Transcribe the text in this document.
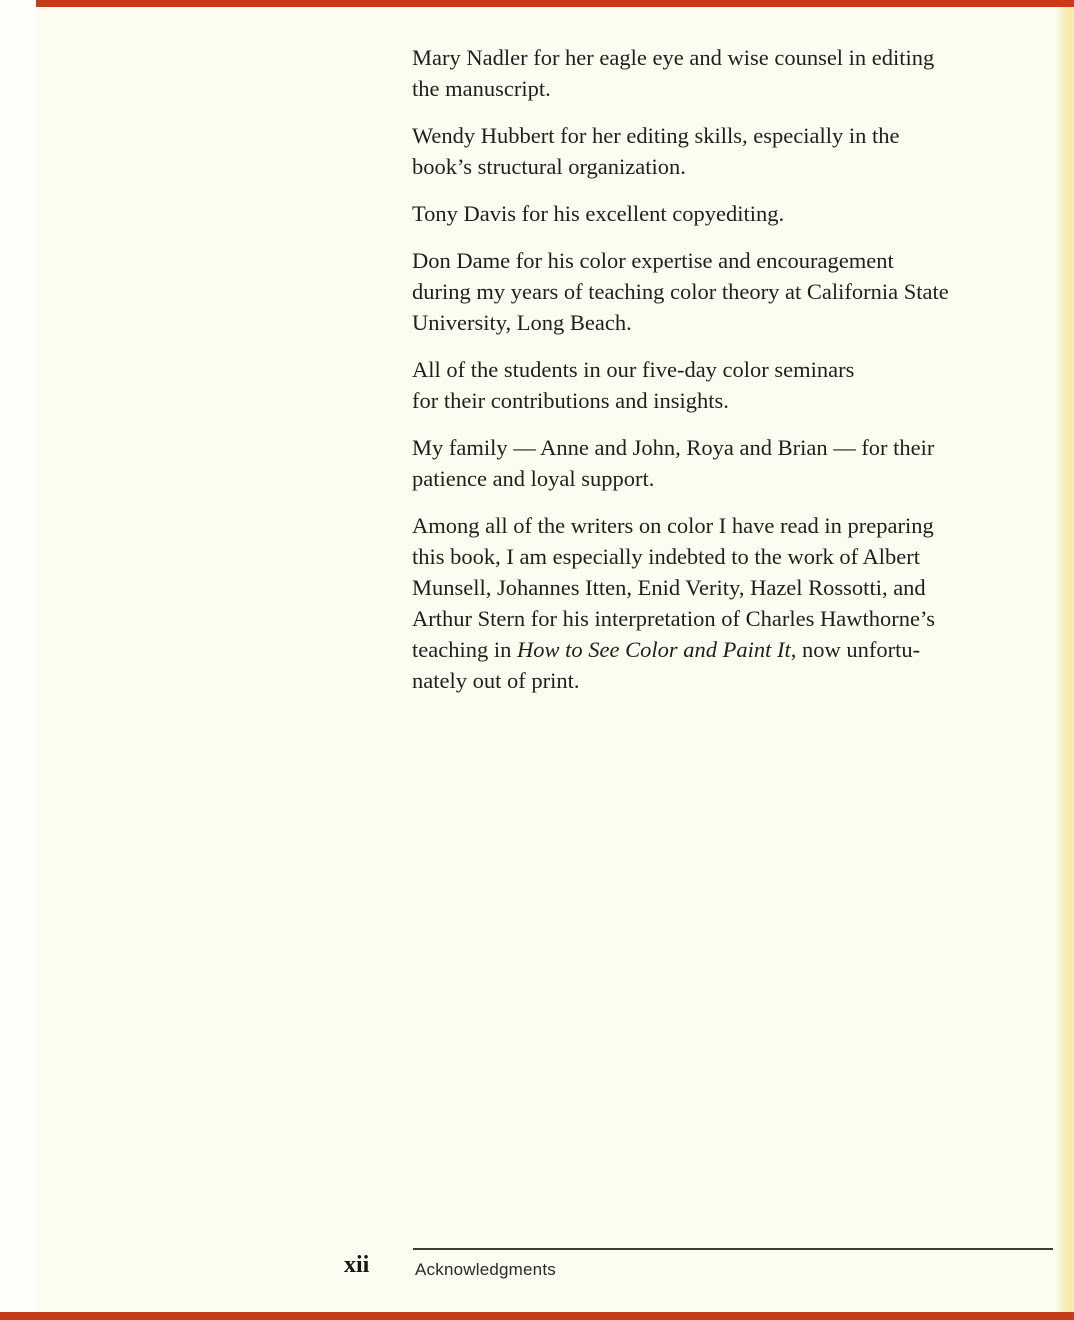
Mary Nadler for her eagle eye and wise counsel in editing
the manuscript.
Wendy Hubbert for her editing skills, especially in the
book’s structural organization.
Tony Davis for his excellent copyediting.
Don Dame for his color expertise and encouragement
during my years of teaching color theory at California State
University, Long Beach.
All of the students in our five-day color seminars
for their contributions and insights.
My family — Anne and John, Roya and Brian — for their
patience and loyal support.
Among all of the writers on color I have read in preparing
this book, I am especially indebted to the work of Albert
Munsell, Johannes Itten, Enid Verity, Hazel Rossotti, and
Arthur Stern for his interpretation of Charles Hawthorne’s
teaching in How to See Color and Paint It, now unfortu-
nately out of print.
xii	Acknowledgments
